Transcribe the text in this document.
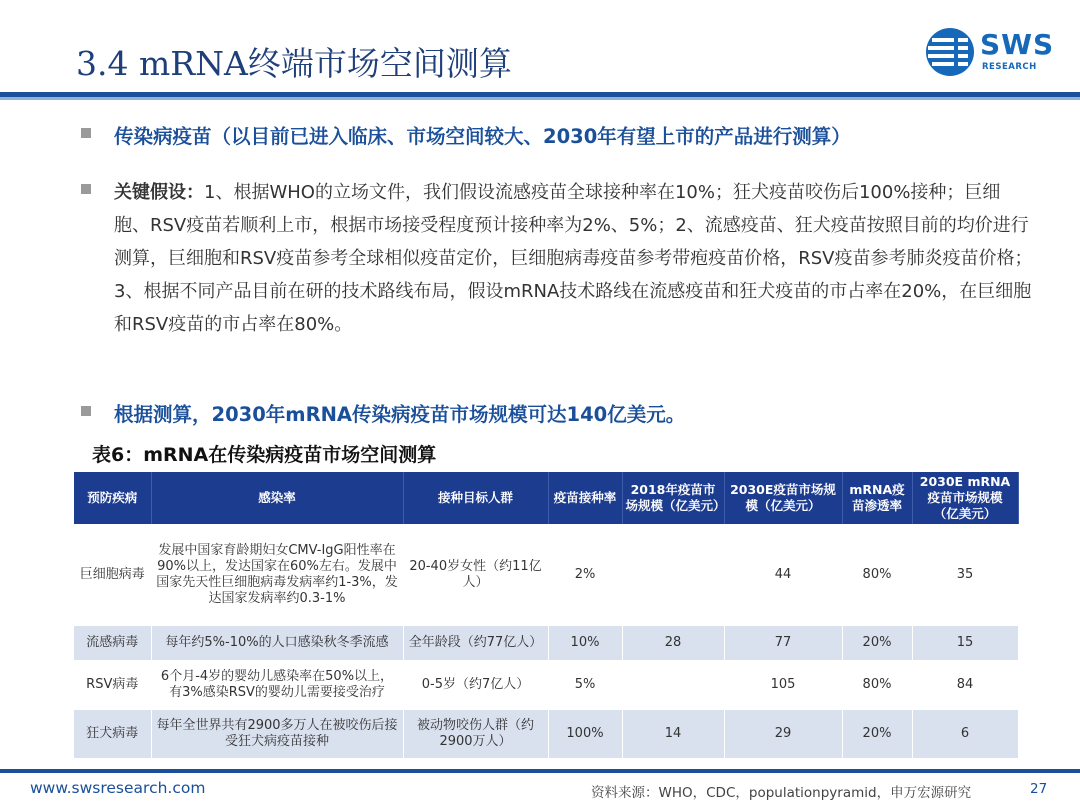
3.4 mRNA终端市场空间测算	SWS
RESEARCH
传染病疫苗（以目前已进入临床、市场空间较大、2030年有望上市的产品进行测算）
关键假设：1、根据WHO的立场文件，我们假设流感疫苗全球接种率在10%；狂犬疫苗咬伤后100%接种；巨细胞、RSV疫苗若顺利上市，根据市场接受程度预计接种率为2%、5%；2、流感疫苗、狂犬疫苗按照目前的均价进行测算，巨细胞和RSV疫苗参考全球相似疫苗定价，巨细胞病毒疫苗参考带疱疫苗价格，RSV疫苗参考肺炎疫苗价格；3、根据不同产品目前在研的技术路线布局，假设mRNA技术路线在流感疫苗和狂犬疫苗的市占率在20%，在巨细胞和RSV疫苗的市占率在80%。
根据测算，2030年mRNA传染病疫苗市场规模可达140亿美元。
表6：mRNA在传染病疫苗市场空间测算
预防疾病	感染率	接种目标人群	疫苗接种率	2018年疫苗市场规模（亿美元）	2030E疫苗市场规模（亿美元）	mRNA疫苗渗透率	2030E mRNA疫苗市场规模（亿美元）
巨细胞病毒	发展中国家育龄期妇女CMV-IgG阳性率在90%以上，发达国家在60%左右。发展中国家先天性巨细胞病毒发病率约1-3%，发达国家发病率约0.3-1%	20-40岁女性（约11亿人）	2%		44	80%	35
流感病毒	每年约5%-10%的人口感染秋冬季流感	全年龄段（约77亿人）	10%	28	77	20%	15
RSV病毒	6个月-4岁的婴幼儿感染率在50%以上，有3%感染RSV的婴幼儿需要接受治疗	0-5岁（约7亿人）	5%		105	80%	84
狂犬病毒	每年全世界共有2900多万人在被咬伤后接受狂犬病疫苗接种	被动物咬伤人群（约2900万人）	100%	14	29	20%	6
www.swsresearch.com	资料来源：WHO，CDC，populationpyramid，申万宏源研究	27
